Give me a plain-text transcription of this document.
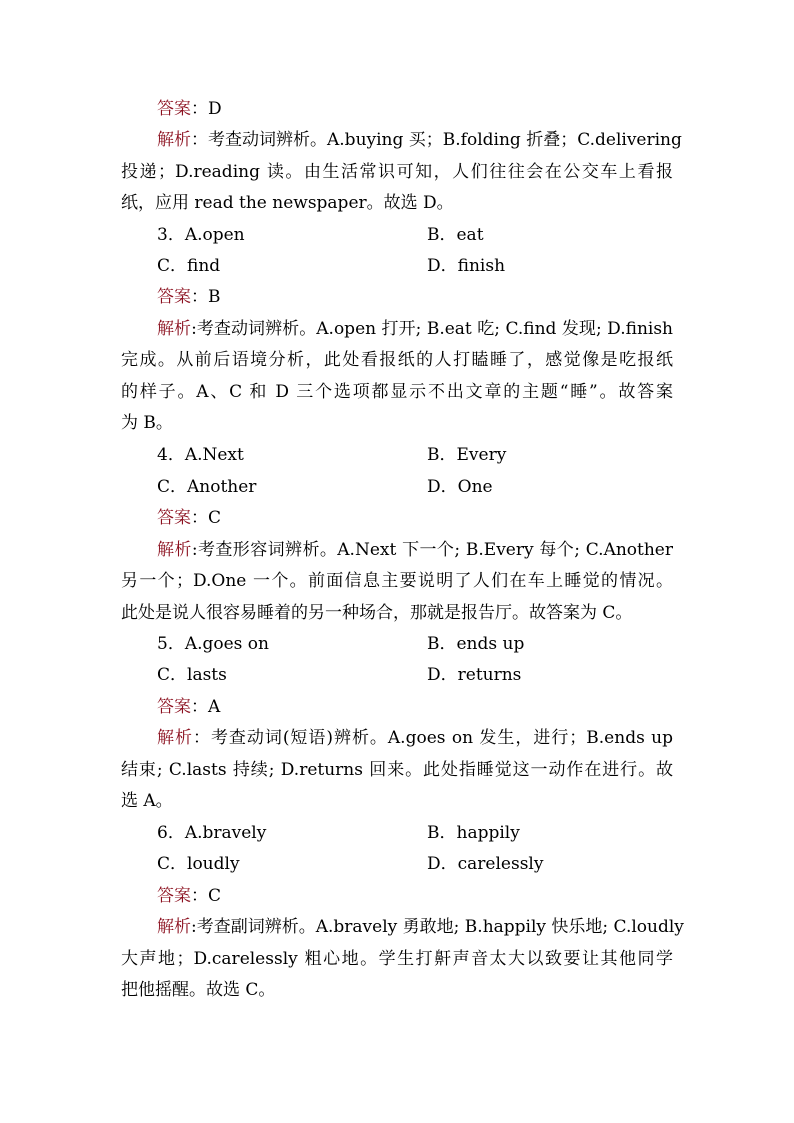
答案：D
解析：考查动词辨析。A.buying 买；B.folding 折叠；C.delivering
投递；D.reading 读。由生活常识可知，人们往往会在公交车上看报
纸，应用 read the newspaper。故选 D。
3．A.open	B．eat
C．find	D．finish
答案：B
解析:考查动词辨析。A.open 打开; B.eat 吃; C.find 发现; D.finish
完成。从前后语境分析，此处看报纸的人打瞌睡了，感觉像是吃报纸
的样子。A、C 和 D 三个选项都显示不出文章的主题“睡”。故答案
为 B。
4．A.Next	B．Every
C．Another	D．One
答案：C
解析:考查形容词辨析。A.Next 下一个; B.Every 每个; C.Another
另一个；D.One 一个。前面信息主要说明了人们在车上睡觉的情况。
此处是说人很容易睡着的另一种场合，那就是报告厅。故答案为 C。
5．A.goes on	B．ends up
C．lasts	D．returns
答案：A
解析：考查动词(短语)辨析。A.goes on 发生，进行；B.ends up
结束; C.lasts 持续; D.returns 回来。此处指睡觉这一动作在进行。故
选 A。
6．A.bravely	B．happily
C．loudly	D．carelessly
答案：C
解析:考查副词辨析。A.bravely 勇敢地; B.happily 快乐地; C.loudly
大声地；D.carelessly 粗心地。学生打鼾声音太大以致要让其他同学
把他摇醒。故选 C。
